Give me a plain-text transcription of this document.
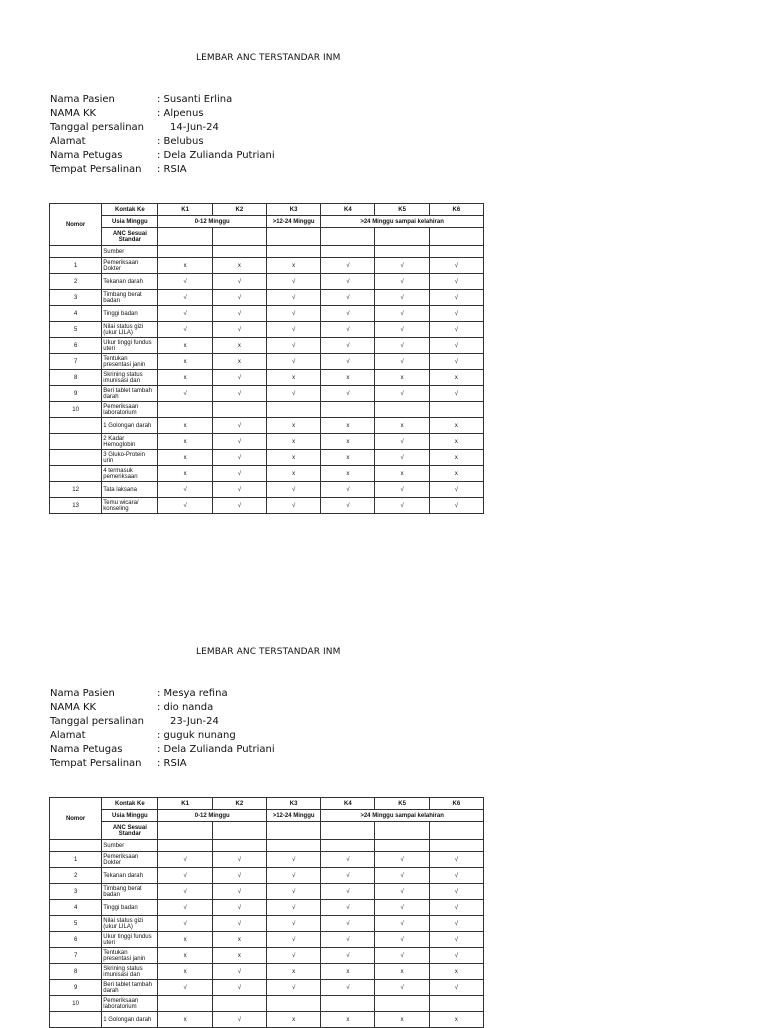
LEMBAR ANC TERSTANDAR INM
Nama Pasien	: Susanti Erlina
NAMA KK	: Alpenus
Tanggal persalinan	14-Jun-24
Alamat	: Belubus
Nama Petugas	: Dela Zulianda Putriani
Tempat Persalinan : RSIA
Nomor	Kontak Ke	K1	K2	K3	K4	K5	K6
	Usia Minggu	0-12 Minggu		>12-24 Minggu	>24 Minggu sampai kelahiran		
	ANC Sesuai Standar						
	Sumber						
1	Pemeriksaan Dokter	x	x	x	√	√	√
2	Tekanan darah	√	√	√	√	√	√
3	Timbang berat badan	√	√	√	√	√	√
4	Tinggi badan	√	√	√	√	√	√
5	Nilai status gizi (ukur LILA)	√	√	√	√	√	√
6	Ukur tinggi fundus uteri	x	x	√	√	√	√
7	Tentukan presentasi janin	x	x	√	√	√	√
8	Skrining status imunisasi dan	x	√	x	x	x	x
9	Beri tablet tambah darah	√	√	√	√	√	√
10	Pemeriksaan laboratorium						
	1 Golongan darah	x	√	x	x	x	x
	2 Kadar Hemoglobin	x	√	x	x	√	x
	3 Gluko-Protein urin	x	√	x	x	√	x
	4 termasuk pemeriksaan	x	√	x	x	x	x
12	Tata laksana	√	√	√	√	√	√
13	Temu wicara/ konseling	√	√	√	√	√	√
LEMBAR ANC TERSTANDAR INM
Nama Pasien	: Mesya refina
NAMA KK	: dio nanda
Tanggal persalinan	23-Jun-24
Alamat	: guguk nunang
Nama Petugas	: Dela Zulianda Putriani
Tempat Persalinan : RSIA
Nomor	Kontak Ke	K1	K2	K3	K4	K5	K6
	Usia Minggu	0-12 Minggu		>12-24 Minggu	>24 Minggu sampai kelahiran		
	ANC Sesuai Standar						
	Sumber						
1	Pemeriksaan Dokter	√	√	√	√	√	√
2	Tekanan darah	√	√	√	√	√	√
3	Timbang berat badan	√	√	√	√	√	√
4	Tinggi badan	√	√	√	√	√	√
5	Nilai status gizi (ukur LILA)	√	√	√	√	√	√
6	Ukur tinggi fundus uteri	x	x	√	√	√	√
7	Tentukan presentasi janin	x	x	√	√	√	√
8	Skrining status imunisasi dan	x	√	x	x	x	x
9	Beri tablet tambah darah	√	√	√	√	√	√
10	Pemeriksaan laboratorium						
	1 Golongan darah	x	√	x	x	x	x
